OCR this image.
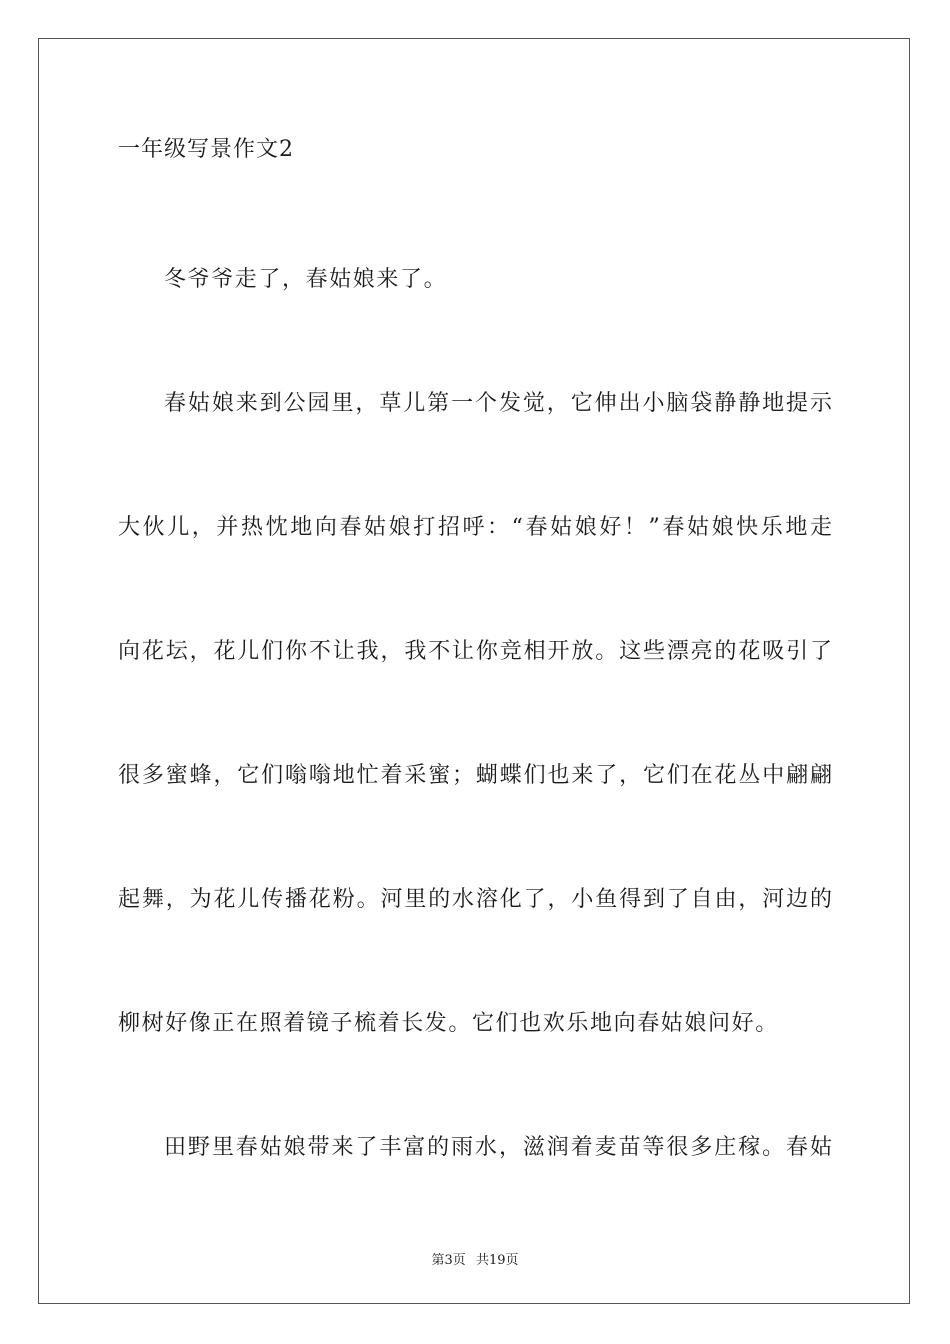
一年级写景作文2
冬爷爷走了，春姑娘来了。
春姑娘来到公园里，草儿第一个发觉，它伸出小脑袋静静地提示
大伙儿，并热忱地向春姑娘打招呼：“春姑娘好！”春姑娘快乐地走
向花坛，花儿们你不让我，我不让你竞相开放。这些漂亮的花吸引了
很多蜜蜂，它们嗡嗡地忙着采蜜；蝴蝶们也来了，它们在花丛中翩翩
起舞，为花儿传播花粉。河里的水溶化了，小鱼得到了自由，河边的
柳树好像正在照着镜子梳着长发。它们也欢乐地向春姑娘问好。
田野里春姑娘带来了丰富的雨水，滋润着麦苗等很多庄稼。春姑
第3页 共19页
